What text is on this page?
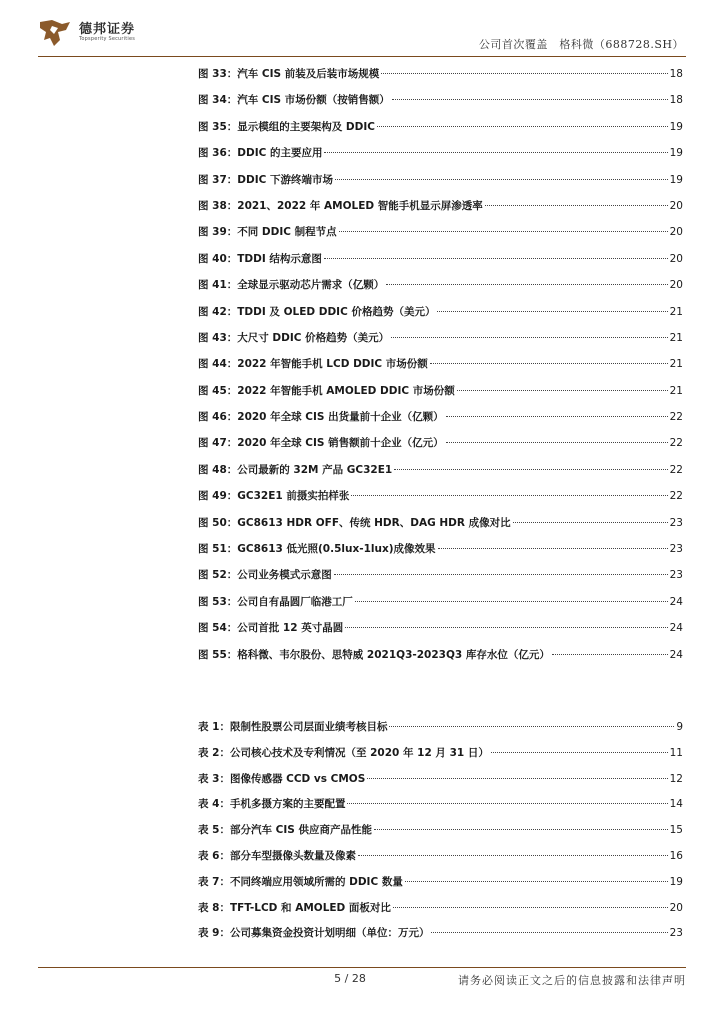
德邦证券
Topsperity Securities	公司首次覆盖　格科微（688728.SH）
图 33：汽车 CIS 前装及后装市场规模	18
图 34：汽车 CIS 市场份额（按销售额）	18
图 35：显示模组的主要架构及 DDIC	19
图 36：DDIC 的主要应用	19
图 37：DDIC 下游终端市场	19
图 38：2021、2022 年 AMOLED 智能手机显示屏渗透率	20
图 39：不同 DDIC 制程节点	20
图 40：TDDI 结构示意图	20
图 41：全球显示驱动芯片需求（亿颗）	20
图 42：TDDI 及 OLED DDIC 价格趋势（美元）	21
图 43：大尺寸 DDIC 价格趋势（美元）	21
图 44：2022 年智能手机 LCD DDIC 市场份额	21
图 45：2022 年智能手机 AMOLED DDIC 市场份额	21
图 46：2020 年全球 CIS 出货量前十企业（亿颗）	22
图 47：2020 年全球 CIS 销售额前十企业（亿元）	22
图 48：公司最新的 32M 产品 GC32E1	22
图 49：GC32E1 前摄实拍样张	22
图 50：GC8613 HDR OFF、传统 HDR、DAG HDR 成像对比	23
图 51：GC8613 低光照(0.5lux-1lux)成像效果	23
图 52：公司业务模式示意图	23
图 53：公司自有晶圆厂临港工厂	24
图 54：公司首批 12 英寸晶圆	24
图 55：格科微、韦尔股份、思特威 2021Q3-2023Q3 库存水位（亿元）	24
表 1：限制性股票公司层面业绩考核目标	9
表 2：公司核心技术及专利情况（至 2020 年 12 月 31 日）	11
表 3：图像传感器 CCD vs CMOS	12
表 4：手机多摄方案的主要配置	14
表 5：部分汽车 CIS 供应商产品性能	15
表 6：部分车型摄像头数量及像素	16
表 7：不同终端应用领域所需的 DDIC 数量	19
表 8：TFT-LCD 和 AMOLED 面板对比	20
表 9：公司募集资金投资计划明细（单位：万元）	23
5 / 28	请务必阅读正文之后的信息披露和法律声明
